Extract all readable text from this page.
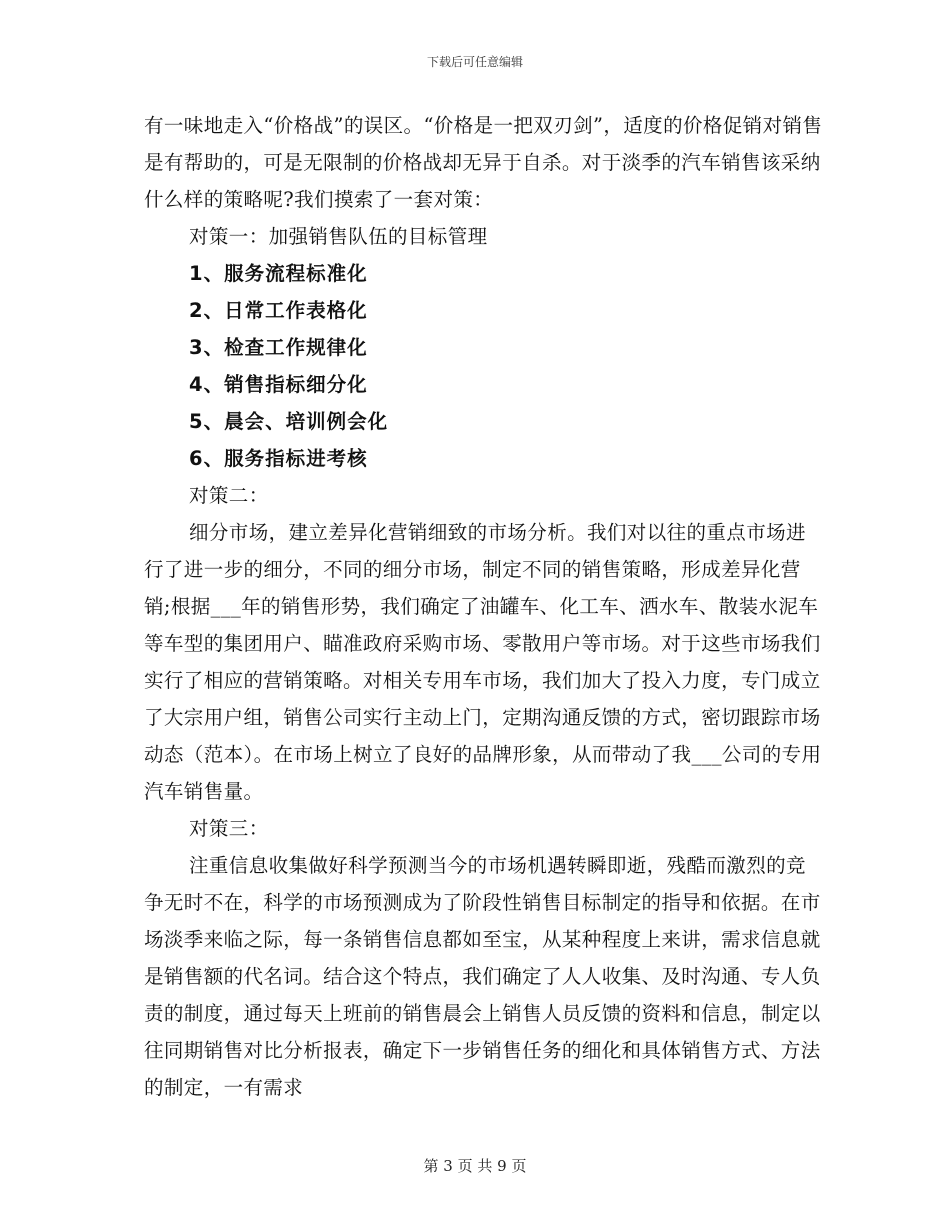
下载后可任意编辑

有一味地走入“价格战”的误区。“价格是一把双刃剑”，适度的价格促销对销售是有帮助的，可是无限制的价格战却无异于自杀。对于淡季的汽车销售该采纳什么样的策略呢?我们摸索了一套对策：

对策一：加强销售队伍的目标管理

1、服务流程标准化

2、日常工作表格化

3、检查工作规律化

4、销售指标细分化

5、晨会、培训例会化

6、服务指标进考核

对策二：

细分市场，建立差异化营销细致的市场分析。我们对以往的重点市场进行了进一步的细分，不同的细分市场，制定不同的销售策略，形成差异化营销;根据___年的销售形势，我们确定了油罐车、化工车、洒水车、散装水泥车等车型的集团用户、瞄准政府采购市场、零散用户等市场。对于这些市场我们实行了相应的营销策略。对相关专用车市场，我们加大了投入力度，专门成立了大宗用户组，销售公司实行主动上门，定期沟通反馈的方式，密切跟踪市场动态（范本）。在市场上树立了良好的品牌形象，从而带动了我___公司的专用汽车销售量。

对策三：

注重信息收集做好科学预测当今的市场机遇转瞬即逝，残酷而激烈的竞争无时不在，科学的市场预测成为了阶段性销售目标制定的指导和依据。在市场淡季来临之际，每一条销售信息都如至宝，从某种程度上来讲，需求信息就是销售额的代名词。结合这个特点，我们确定了人人收集、及时沟通、专人负责的制度，通过每天上班前的销售晨会上销售人员反馈的资料和信息，制定以往同期销售对比分析报表，确定下一步销售任务的细化和具体销售方式、方法的制定，一有需求

第 3 页 共 9 页
